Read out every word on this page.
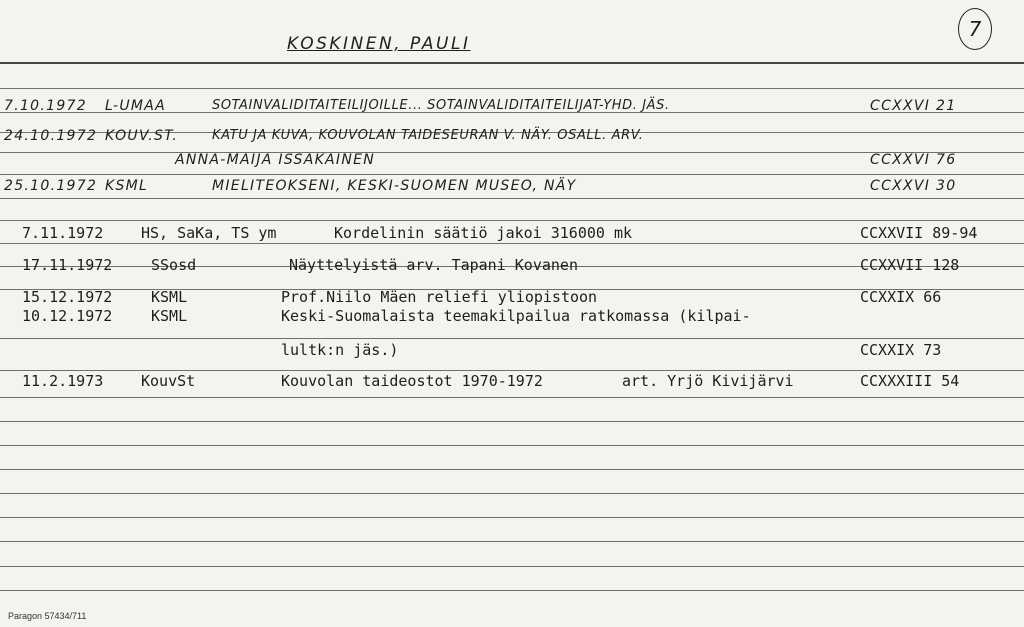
KOSKINEN, PAULI
7
7.10.1972 L-UMAA	SOTAINVALIDITAITEILIJOILLE... SOTAINVALIDITAITEILIJAT-YHD. JÄS.	CCXXVI 21
24.10.1972 KOUV.ST.	KATU JA KUVA, KOUVOLAN TAIDESEURAN V. NÄY. OSALL. ARV.
ANNA-MAIJA ISSAKAINEN	CCXXVI 76
25.10.1972 KSML	MIELITEOKSENI, KESKI-SUOMEN MUSEO, NÄY	CCXXVI 30
7.11.1972	HS, SaKa, TS ym	Kordelinin säätiö jakoi 316000 mk	CCXXVII 89-94
17.11.1972	SSosd	Näyttelyistä arv. Tapani Kovanen	CCXXVII 128
15.12.1972	KSML	Prof.Niilo Mäen reliefi yliopistoon	CCXXIX 66
10.12.1972	KSML	Keski-Suomalaista teemakilpailua ratkomassa (kilpai-
lultk:n jäs.)	CCXXIX 73
11.2.1973	KouvSt	Kouvolan taideostot 1970-1972	art. Yrjö Kivijärvi	CCXXXIII 54
Paragon 57434/711
